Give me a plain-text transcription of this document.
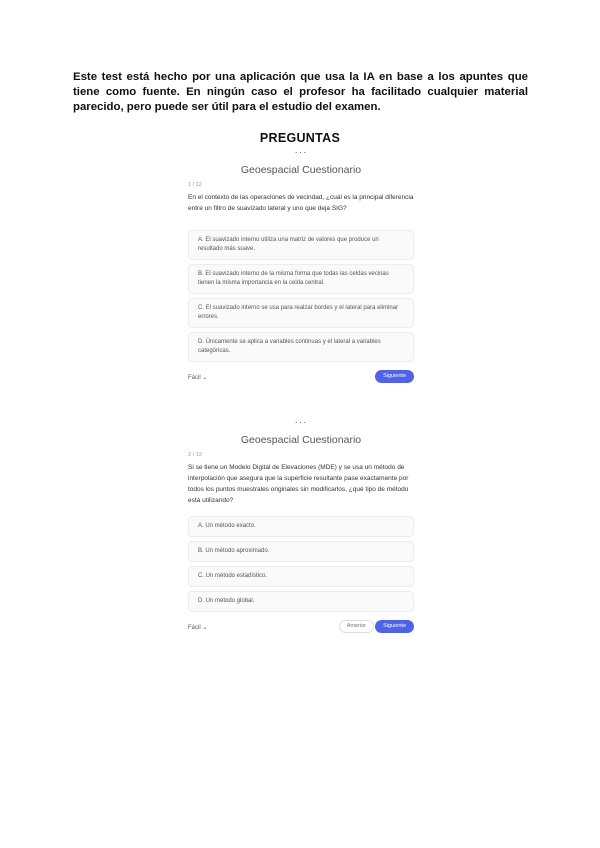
Este test está hecho por una aplicación que usa la IA en base a los apuntes que tiene como fuente. En ningún caso el profesor ha facilitado cualquier material parecido, pero puede ser útil para el estudio del examen.
PREGUNTAS
···
Geoespacial Cuestionario
1 / 12
En el contexto de las operaciones de vecindad, ¿cuál es la principal diferencia entre un filtro de suavizado lateral y uno que deja SIG?
A. El suavizado interno utiliza una matriz de valores que produce un resultado más suave.
B. El suavizado interno de la misma forma que todas las celdas vecinas tienen la misma importancia en la celda central.
C. El suavizado interno se usa para realzar bordes y el lateral para eliminar errores.
D. Únicamente se aplica a variables continuas y el lateral a variables categóricas.
Fácil ⌄	Siguiente
···
Geoespacial Cuestionario
2 / 12
Si se tiene un Modelo Digital de Elevaciones (MDE) y se usa un método de interpolación que asegura que la superficie resultante pase exactamente por todos los puntos muestrales originales sin modificarlos, ¿qué tipo de método está utilizando?
A. Un método exacto.
B. Un método aproximado.
C. Un método estadístico.
D. Un método global.
Fácil ⌄	Anterior	Siguiente
